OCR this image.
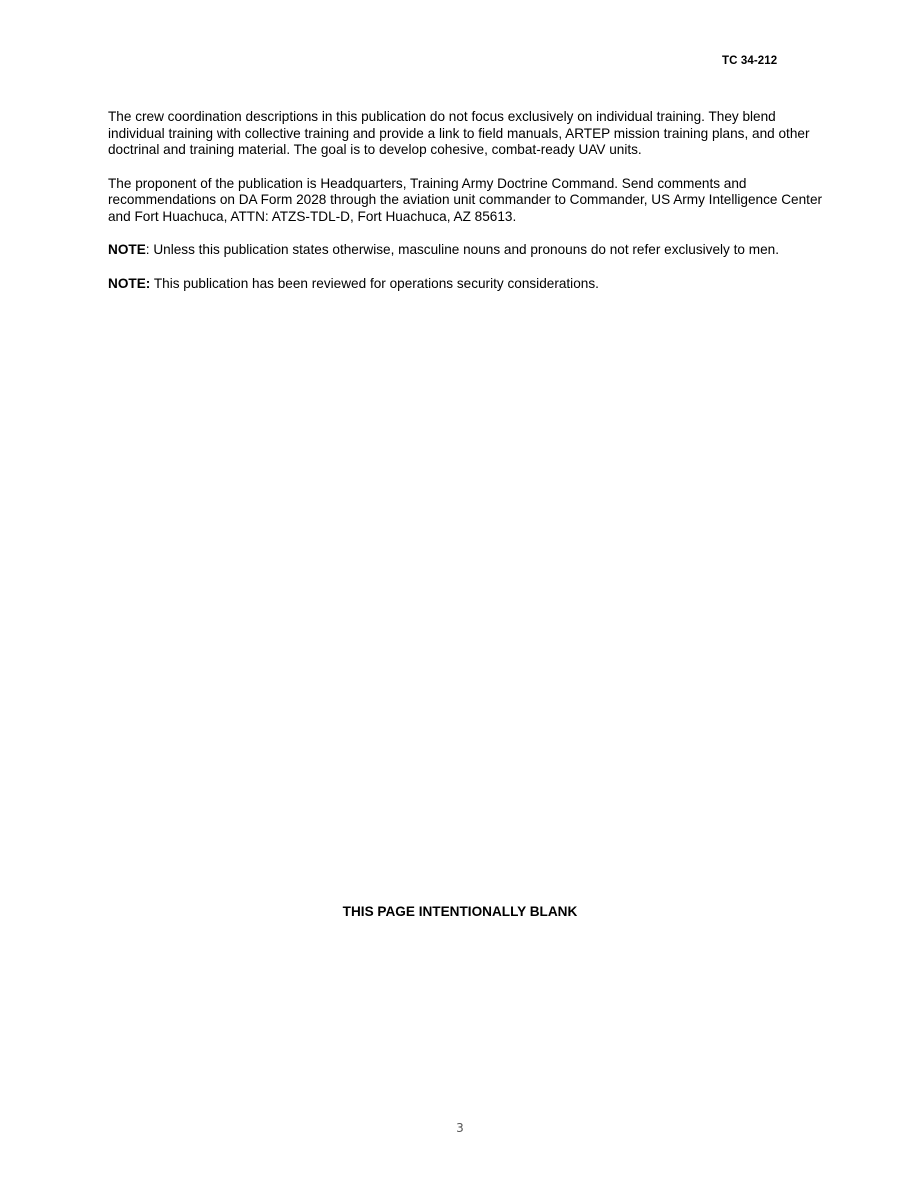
TC 34-212

The crew coordination descriptions in this publication do not focus exclusively on individual training. They blend individual training with collective training and provide a link to field manuals, ARTEP mission training plans, and other doctrinal and training material. The goal is to develop cohesive, combat-ready UAV units.

The proponent of the publication is Headquarters, Training Army Doctrine Command. Send comments and recommendations on DA Form 2028 through the aviation unit commander to Commander, US Army Intelligence Center and Fort Huachuca, ATTN: ATZS-TDL-D, Fort Huachuca, AZ 85613.

NOTE: Unless this publication states otherwise, masculine nouns and pronouns do not refer exclusively to men.

NOTE: This publication has been reviewed for operations security considerations.

THIS PAGE INTENTIONALLY BLANK
3
